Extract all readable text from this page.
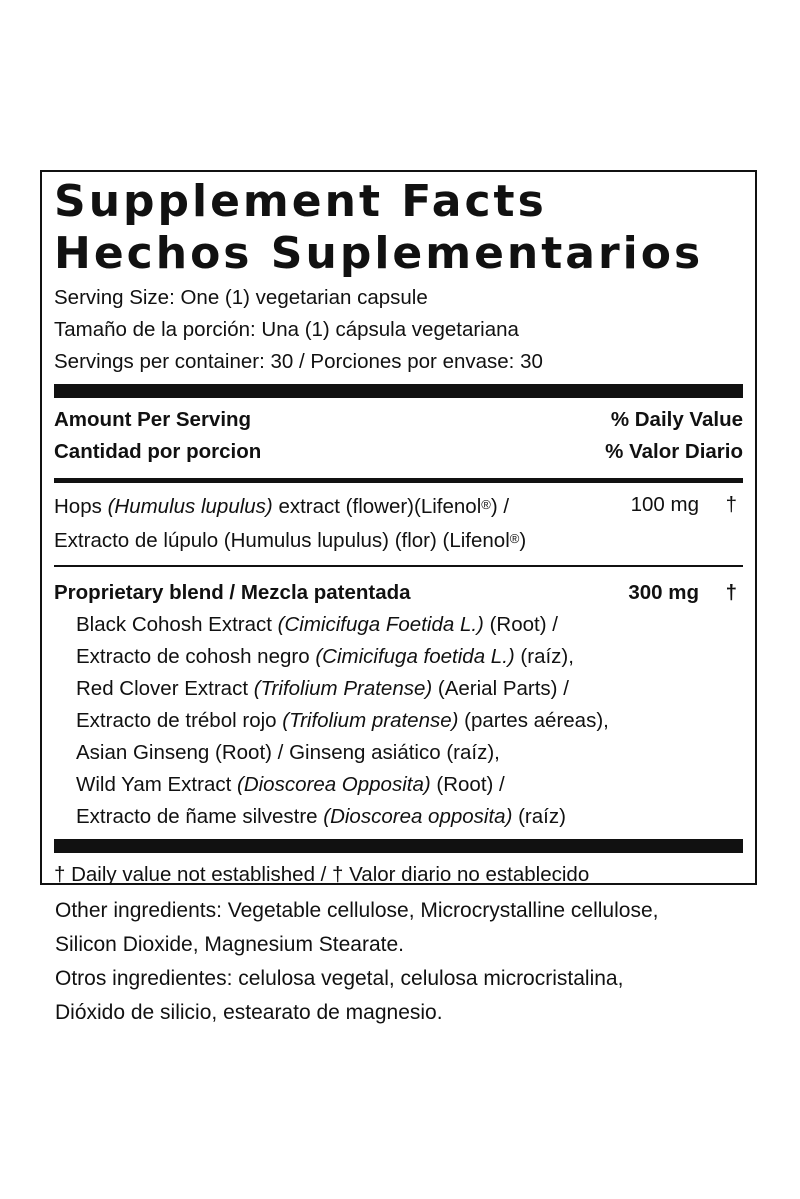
Supplement Facts
Hechos Suplementarios
Serving Size: One (1) vegetarian capsule
Tamaño de la porción: Una (1) cápsula vegetariana
Servings per container: 30 / Porciones por envase: 30
Amount Per Serving	% Daily Value
Cantidad por porcion	% Valor Diario
Hops (Humulus lupulus) extract (flower)(Lifenol®) /	100 mg †
Extracto de lúpulo (Humulus lupulus) (flor) (Lifenol®)
Proprietary blend / Mezcla patentada	300 mg †
Black Cohosh Extract (Cimicifuga Foetida L.) (Root) /
Extracto de cohosh negro (Cimicifuga foetida L.) (raíz),
Red Clover Extract (Trifolium Pratense) (Aerial Parts) /
Extracto de trébol rojo (Trifolium pratense) (partes aéreas),
Asian Ginseng (Root) / Ginseng asiático (raíz),
Wild Yam Extract (Dioscorea Opposita) (Root) /
Extracto de ñame silvestre (Dioscorea opposita) (raíz)
† Daily value not established / † Valor diario no establecido
Other ingredients: Vegetable cellulose, Microcrystalline cellulose,
Silicon Dioxide, Magnesium Stearate.
Otros ingredientes: celulosa vegetal, celulosa microcristalina,
Dióxido de silicio, estearato de magnesio.
